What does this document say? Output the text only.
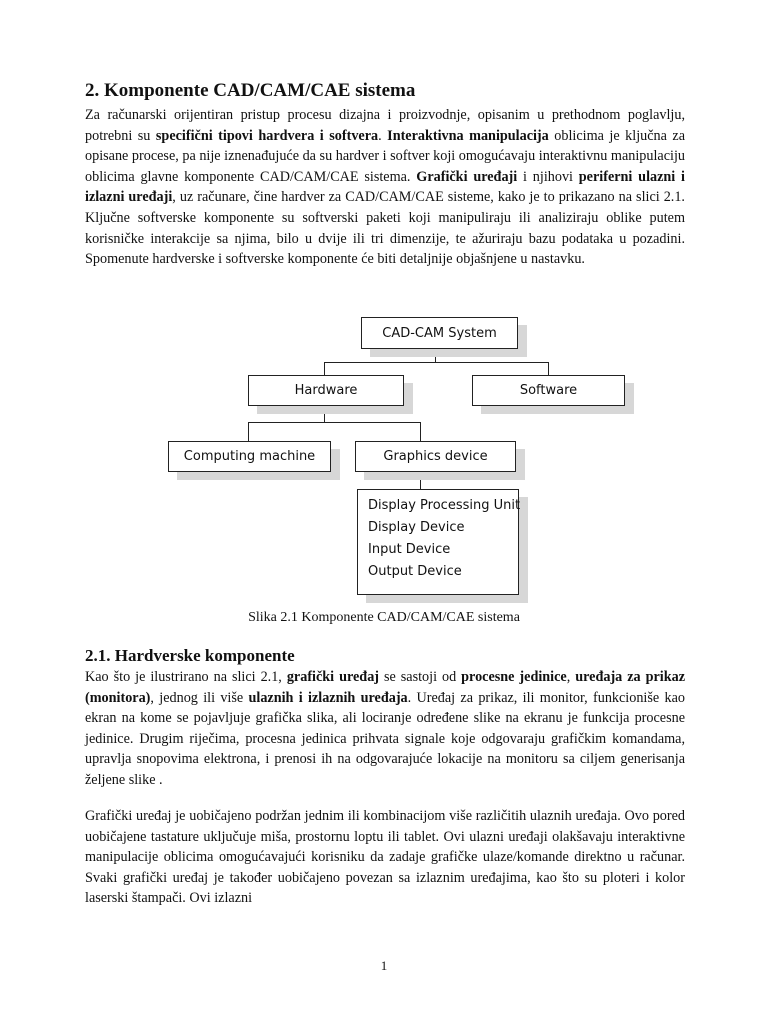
2. Komponente CAD/CAM/CAE sistema

Za računarski orijentiran pristup procesu dizajna i proizvodnje, opisanim u prethodnom poglavlju, potrebni su specifični tipovi hardvera i softvera. Interaktivna manipulacija oblicima je ključna za opisane procese, pa nije iznenađujuće da su hardver i softver koji omogućavaju interaktivnu manipulaciju oblicima glavne komponente CAD/CAM/CAE sistema. Grafički uređaji i njihovi periferni ulazni i izlazni uređaji, uz računare, čine hardver za CAD/CAM/CAE sisteme, kako je to prikazano na slici 2.1. Ključne softverske komponente su softverski paketi koji manipuliraju ili analiziraju oblike putem korisničke interakcije sa njima, bilo u dvije ili tri dimenzije, te ažuriraju bazu podataka u pozadini. Spomenute hardverske i softverske komponente će biti detaljnije objašnjene u nastavku.

CAD-CAM System
Hardware	Software
Computing machine	Graphics device
Display Processing Unit
Display Device
Input Device
Output Device

Slika 2.1 Komponente CAD/CAM/CAE sistema

2.1. Hardverske komponente

Kao što je ilustrirano na slici 2.1, grafički uređaj se sastoji od procesne jedinice, uređaja za prikaz (monitora), jednog ili više ulaznih i izlaznih uređaja. Uređaj za prikaz, ili monitor, funkcioniše kao ekran na kome se pojavljuje grafička slika, ali lociranje određene slike na ekranu je funkcija procesne jedinice. Drugim riječima, procesna jedinica prihvata signale koje odgovaraju grafičkim komandama, upravlja snopovima elektrona, i prenosi ih na odgovarajuće lokacije na monitoru sa ciljem generisanja željene slike .

Grafički uređaj je uobičajeno podržan jednim ili kombinacijom više različitih ulaznih uređaja. Ovo pored uobičajene tastature uključuje miša, prostornu loptu ili tablet. Ovi ulazni uređaji olakšavaju interaktivne manipulacije oblicima omogućavajući korisniku da zadaje grafičke ulaze/komande direktno u računar. Svaki grafički uređaj je također uobičajeno povezan sa izlaznim uređajima, kao što su ploteri i kolor laserski štampači. Ovi izlazni

1
